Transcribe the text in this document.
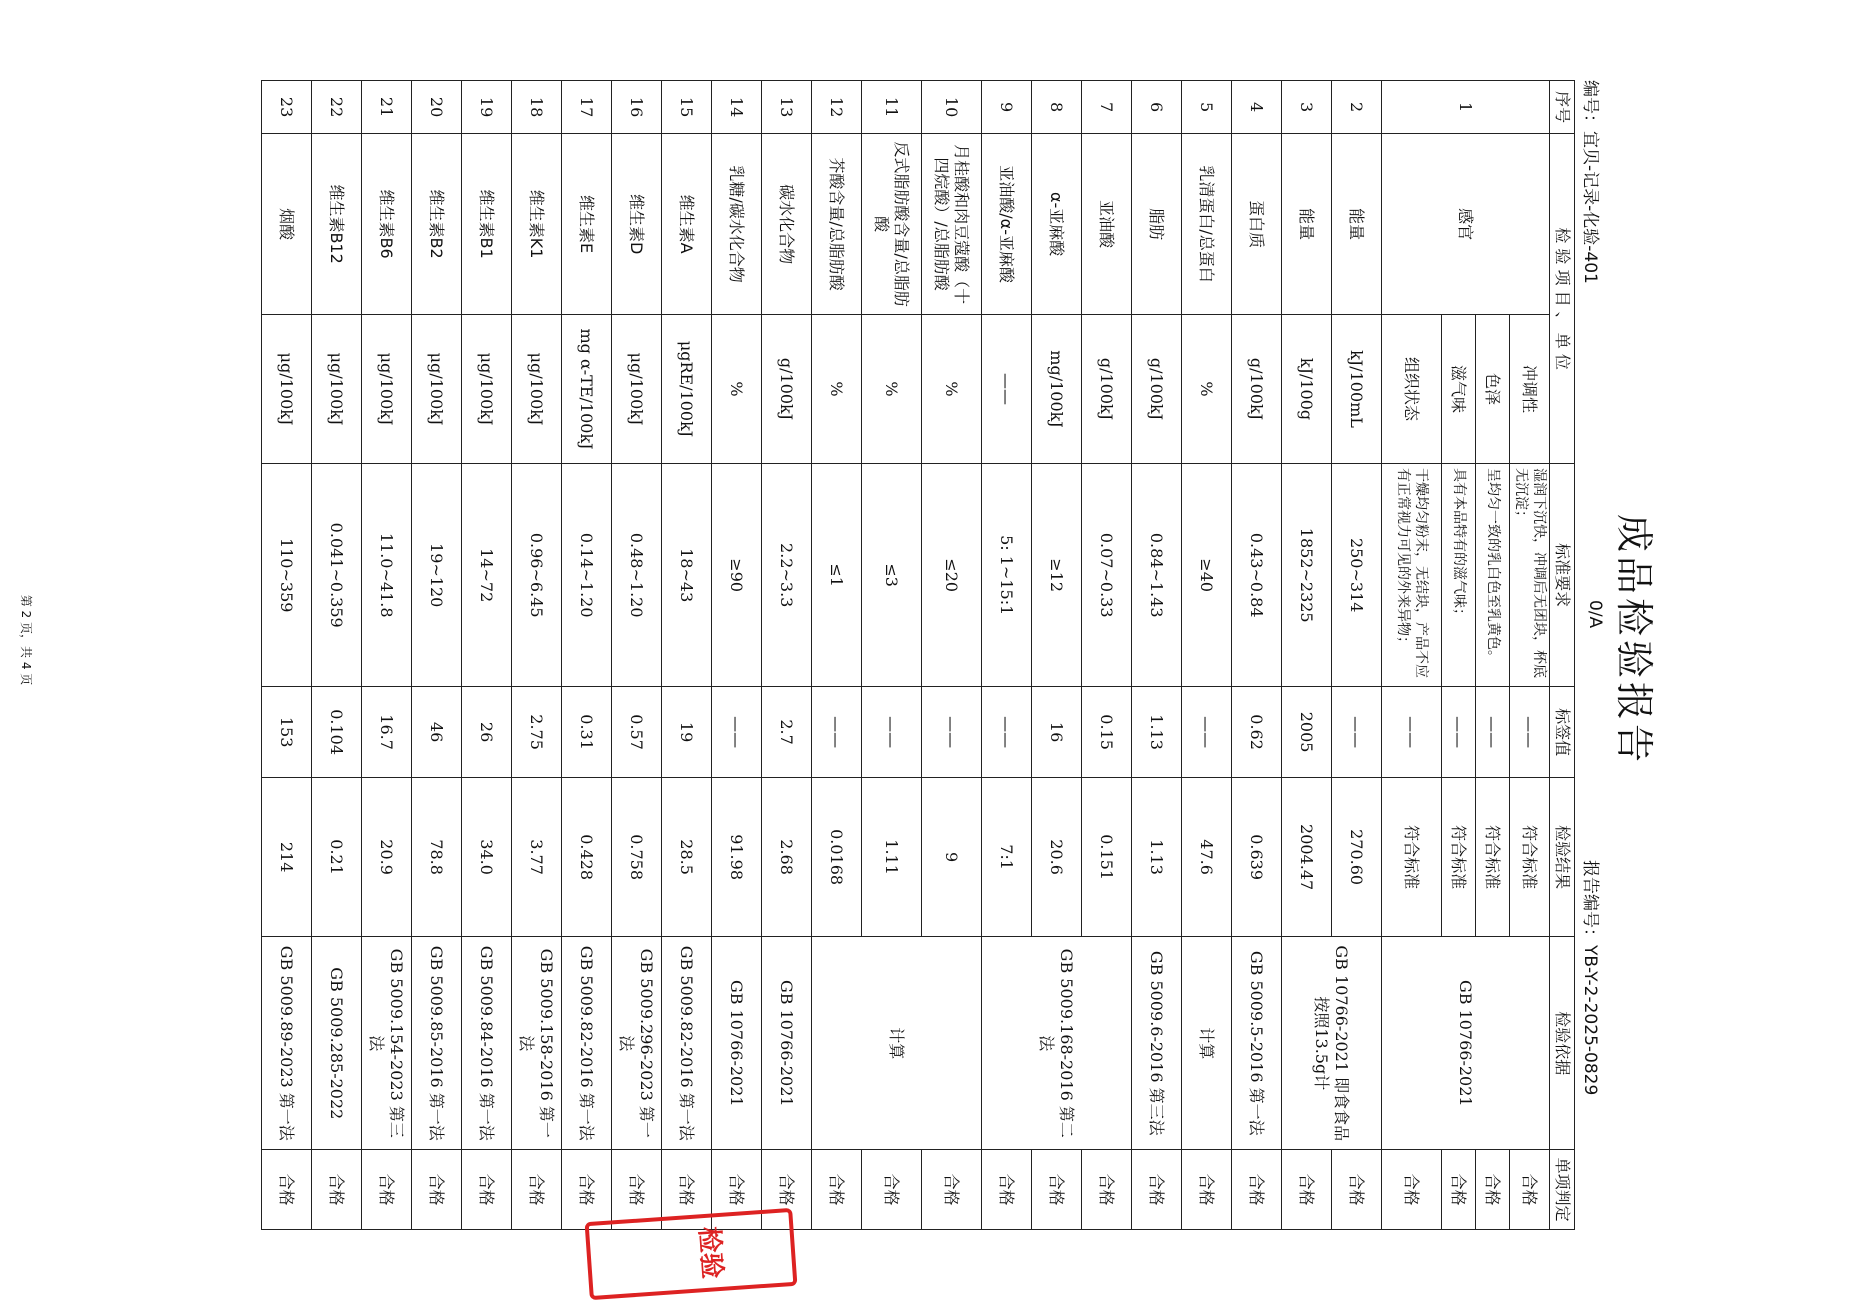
成品检验报告
编号：宜贝-记录-化验-401
0/A
报告编号：YB-Y-2-2025-0829
序号	检 验 项 目 、 单 位		标准要求	标签值	检验结果	检验依据	单项判定
1	感官	冲调性	湿润下沉快，冲调后无团块，杯底无沉淀；	——	符合标准	GB 10766-2021	合格
		色泽	呈均匀一致的乳白色至乳黄色。	——	符合标准		合格
		滋气味	具有本品特有的滋气味；	——	符合标准		合格
		组织状态	干燥均匀粉末，无结块，产品不应有正常视力可见的外来异物；	——	符合标准		合格
2	能量	kJ/100mL	250~314	——	270.60	GB 10766-2021 即食食品按照13.5g计	合格
3	能量	kJ/100g	1852~2325	2005	2004.47		合格
4	蛋白质	g/100kJ	0.43~0.84	0.62	0.639	GB 5009.5-2016 第一法	合格
5	乳清蛋白/总蛋白	%	≥40	——	47.6	计算	合格
6	脂肪	g/100kJ	0.84~1.43	1.13	1.13	GB 5009.6-2016 第三法	合格
7	亚油酸	g/100kJ	0.07~0.33	0.15	0.151	GB 5009.168-2016 第二法	合格
8	α-亚麻酸	mg/100kJ	≥12	16	20.6		合格
9	亚油酸/α-亚麻酸	——	5: 1~15:1	——	7:1		合格
10	月桂酸和肉豆蔻酸（十四烷酸）/总脂肪酸	%	≤20	——	9	计算	合格
11	反式脂肪酸含量/总脂肪酸	%	≤3	——	1.11		合格
12	芥酸含量/总脂肪酸	%	≤1	——	0.0168		合格
13	碳水化合物	g/100kJ	2.2~3.3	2.7	2.68	GB 10766-2021	合格
14	乳糖/碳水化合物	%	≥90	——	91.98	GB 10766-2021	合格
15	维生素A	μgRE/100kJ	18~43	19	28.5	GB 5009.82-2016 第一法	合格
16	维生素D	μg/100kJ	0.48~1.20	0.57	0.758	GB 5009.296-2023 第一法	合格
17	维生素E	mg α-TE/100kJ	0.14~1.20	0.31	0.428	GB 5009.82-2016 第一法	合格
18	维生素K1	μg/100kJ	0.96~6.45	2.75	3.77	GB 5009.158-2016 第一法	合格
19	维生素B1	μg/100kJ	14~72	26	34.0	GB 5009.84-2016 第一法	合格
20	维生素B2	μg/100kJ	19~120	46	78.8	GB 5009.85-2016 第一法	合格
21	维生素B6	μg/100kJ	11.0~41.8	16.7	20.9	GB 5009.154-2023 第三法	合格
22	维生素B12	μg/100kJ	0.041~0.359	0.104	0.21	GB 5009.285-2022	合格
23	烟酸	μg/100kJ	110~359	153	214	GB 5009.89-2023 第一法	合格
第 2 页，共 4 页
检验
